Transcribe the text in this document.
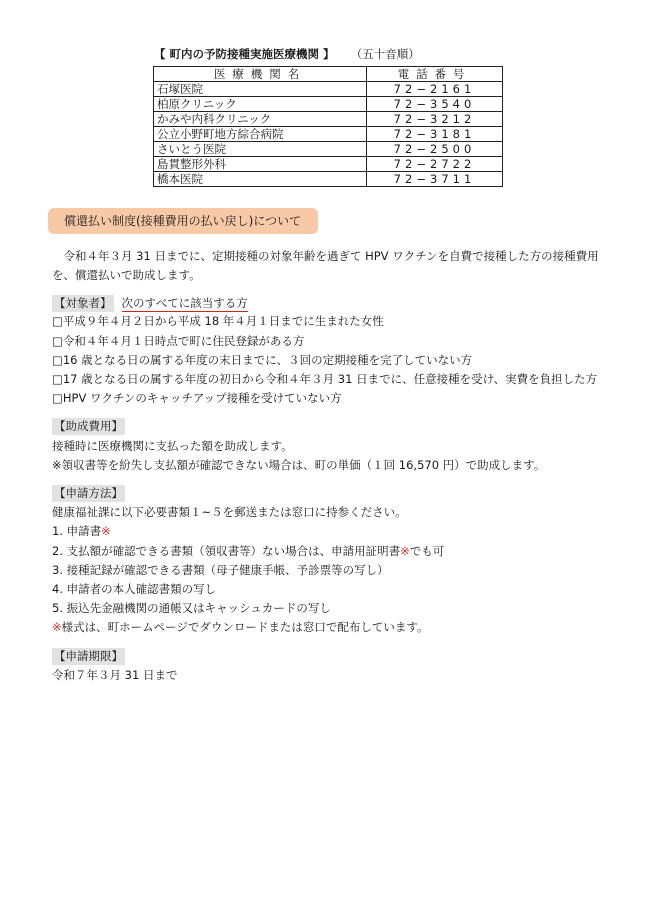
【 町内の予防接種実施医療機関 】 （五十音順）
医療機関名	電話番号
石塚医院	72−2161
柏原クリニック	72−3540
かみや内科クリニック	72−3212
公立小野町地方綜合病院	72−3181
さいとう医院	72−2500
島貫整形外科	72−2722
橋本医院	72−3711
償還払い制度(接種費用の払い戻し)について

令和４年３月 31 日までに、定期接種の対象年齢を過ぎて HPV ワクチンを自費で接種した方の接種費用を、償還払いで助成します。

【対象者】 次のすべてに該当する方

□平成９年４月２日から平成 18 年４月１日までに生まれた女性

□令和４年４月１日時点で町に住民登録がある方

□16 歳となる日の属する年度の末日までに、３回の定期接種を完了していない方

□17 歳となる日の属する年度の初日から令和４年３月 31 日までに、任意接種を受け、実費を負担した方

□HPV ワクチンのキャッチアップ接種を受けていない方

【助成費用】

接種時に医療機関に支払った額を助成します。

※領収書等を紛失し支払額が確認できない場合は、町の単価（１回 16,570 円）で助成します。

【申請方法】

健康福祉課に以下必要書類１~５を郵送または窓口に持参ください。

1. 申請書※

2. 支払額が確認できる書類（領収書等）ない場合は、申請用証明書※でも可

3. 接種記録が確認できる書類（母子健康手帳、予診票等の写し）

4. 申請者の本人確認書類の写し

5. 振込先金融機関の通帳又はキャッシュカードの写し

※様式は、町ホームページでダウンロードまたは窓口で配布しています。

【申請期限】

令和７年３月 31 日まで
